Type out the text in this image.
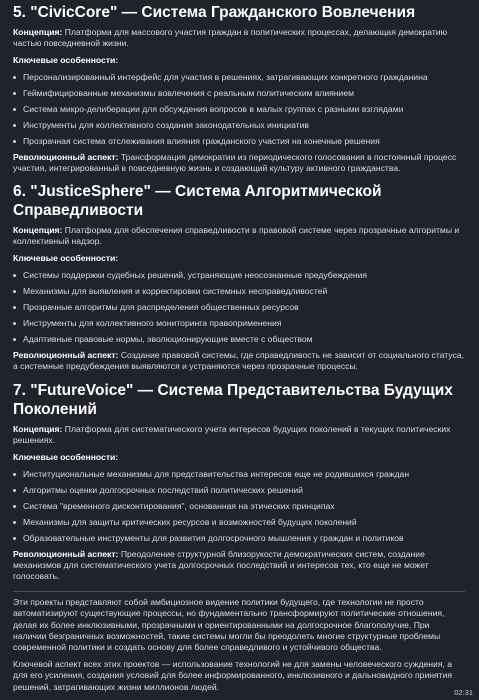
5. "CivicCore" — Система Гражданского Вовлечения

Концепция: Платформа для массового участия граждан в политических процессах, делающая демократию частью повседневной жизни.

Ключевые особенности:

Персонализированный интерфейс для участия в решениях, затрагивающих конкретного гражданина
Геймифицированные механизмы вовлечения с реальным политическим влиянием
Система микро-делиберации для обсуждения вопросов в малых группах с разными взглядами
Инструменты для коллективного создания законодательных инициатив
Прозрачная система отслеживания влияния гражданского участия на конечные решения

Революционный аспект: Трансформация демократии из периодического голосования в постоянный процесс участия, интегрированный в повседневную жизнь и создающий культуру активного гражданства.

6. "JusticeSphere" — Система Алгоритмической Справедливости

Концепция: Платформа для обеспечения справедливости в правовой системе через прозрачные алгоритмы и коллективный надзор.

Ключевые особенности:

Системы поддержки судебных решений, устраняющие неосознанные предубеждения
Механизмы для выявления и корректировки системных несправедливостей
Прозрачные алгоритмы для распределения общественных ресурсов
Инструменты для коллективного мониторинга правоприменения
Адаптивные правовые нормы, эволюционирующие вместе с обществом

Революционный аспект: Создание правовой системы, где справедливость не зависит от социального статуса, а системные предубеждения выявляются и устраняются через прозрачные процессы.

7. "FutureVoice" — Система Представительства Будущих Поколений

Концепция: Платформа для систематического учета интересов будущих поколений в текущих политических решениях.

Ключевые особенности:

Институциональные механизмы для представительства интересов еще не родившихся граждан
Алгоритмы оценки долгосрочных последствий политических решений
Система "временного дисконтирования", основанная на этических принципах
Механизмы для защиты критических ресурсов и возможностей будущих поколений
Образовательные инструменты для развития долгосрочного мышления у граждан и политиков

Революционный аспект: Преодоление структурной близорукости демократических систем, создание механизмов для систематического учета долгосрочных последствий и интересов тех, кто еще не может голосовать.

Эти проекты представляют собой амбициозное видение политики будущего, где технологии не просто автоматизируют существующие процессы, но фундаментально трансформируют политические отношения, делая их более инклюзивными, прозрачными и ориентированными на долгосрочное благополучие. При наличии безграничных возможностей, такие системы могли бы преодолеть многие структурные проблемы современной политики и создать основу для более справедливого и устойчивого общества.

Ключевой аспект всех этих проектов — использование технологий не для замены человеческого суждения, а для его усиления, создания условий для более информированного, инклюзивного и дальновидного принятия решений, затрагивающих жизни миллионов людей.

02:31
